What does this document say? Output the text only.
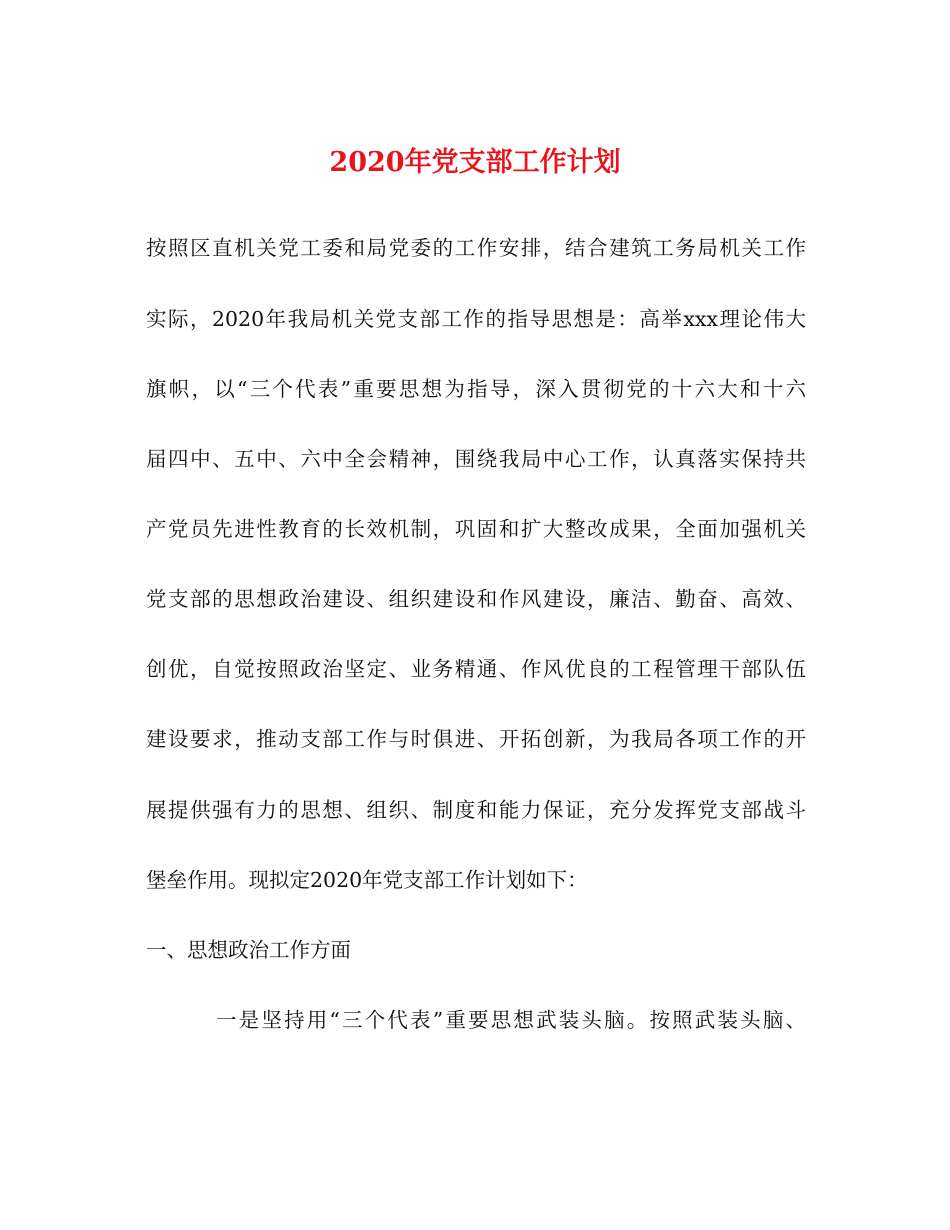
2020年党支部工作计划
按照区直机关党工委和局党委的工作安排，结合建筑工务局机关工作
实际，2020年我局机关党支部工作的指导思想是：高举xxx理论伟大
旗帜，以“三个代表”重要思想为指导，深入贯彻党的十六大和十六
届四中、五中、六中全会精神，围绕我局中心工作，认真落实保持共
产党员先进性教育的长效机制，巩固和扩大整改成果，全面加强机关
党支部的思想政治建设、组织建设和作风建设，廉洁、勤奋、高效、
创优，自觉按照政治坚定、业务精通、作风优良的工程管理干部队伍
建设要求，推动支部工作与时俱进、开拓创新，为我局各项工作的开
展提供强有力的思想、组织、制度和能力保证，充分发挥党支部战斗
堡垒作用。现拟定2020年党支部工作计划如下：
一、思想政治工作方面
一是坚持用“三个代表”重要思想武装头脑。按照武装头脑、
